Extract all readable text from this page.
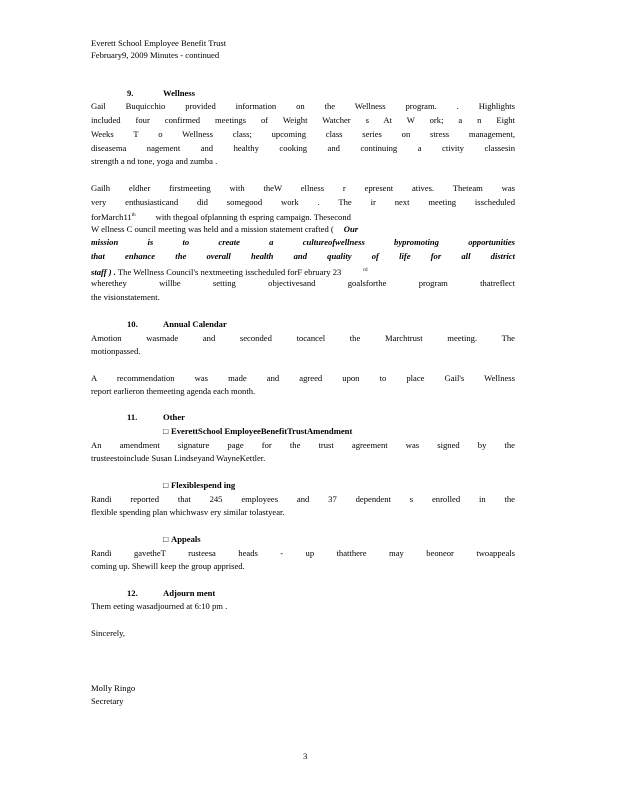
Everett School Employee Benefit Trust
February9, 2009 Minutes - continued
9.	Wellness
Gail Buquicchio provided information on the Wellness program. . Highlights
included four confirmed meetings of Weight Watcher s At W ork; a n Eight
Weeks T o Wellness class; upcoming class series on stress management,
diseasema nagement and healthy cooking and continuing a ctivity classesin
strength a nd tone, yoga and zumba .
Gailh eldher firstmeeting with theW ellness r epresent atives. Theteam was
very enthusiasticand did somegood work . The ir next meeting isscheduled
forMarch11th with thegoal ofplanning th espring campaign. Thesecond
W ellness C ouncil meeting was held and a mission statement crafted ( Our
mission is to create a cultureofwellness bypromoting opportunities
that enhance the overall health and quality of life for all district
staff ) . The Wellness Council's nextmeeting isscheduled forF ebruary 23	$^{rd}$
wherethey willbe setting objectivesand goalsforthe program thatreflect
the visionstatement.
10.	Annual Calendar
Amotion wasmade and seconded tocancel the Marchtrust meeting. The
motionpassed.
A recommendation was made and agreed upon to place Gail's Wellness
report earlieron themeeting agenda each month.
11.	Other
□ EverettSchool EmployeeBenefitTrustAmendment
An amendment signature page for the trust agreement was signed by the
trusteestoinclude Susan Lindseyand WayneKettler.
□ Flexiblespend ing
Randi reported that 245 employees and 37 dependent s enrolled in the
flexible spending plan whichwasv ery similar tolastyear.
□ Appeals
Randi gavetheT rusteesa heads - up thatthere may beoneor twoappeals
coming up. Shewill keep the group apprised.
12.	Adjourn ment
Them eeting wasadjourned at 6:10 pm .
Sincerely,
Molly Ringo
Secretary
3
